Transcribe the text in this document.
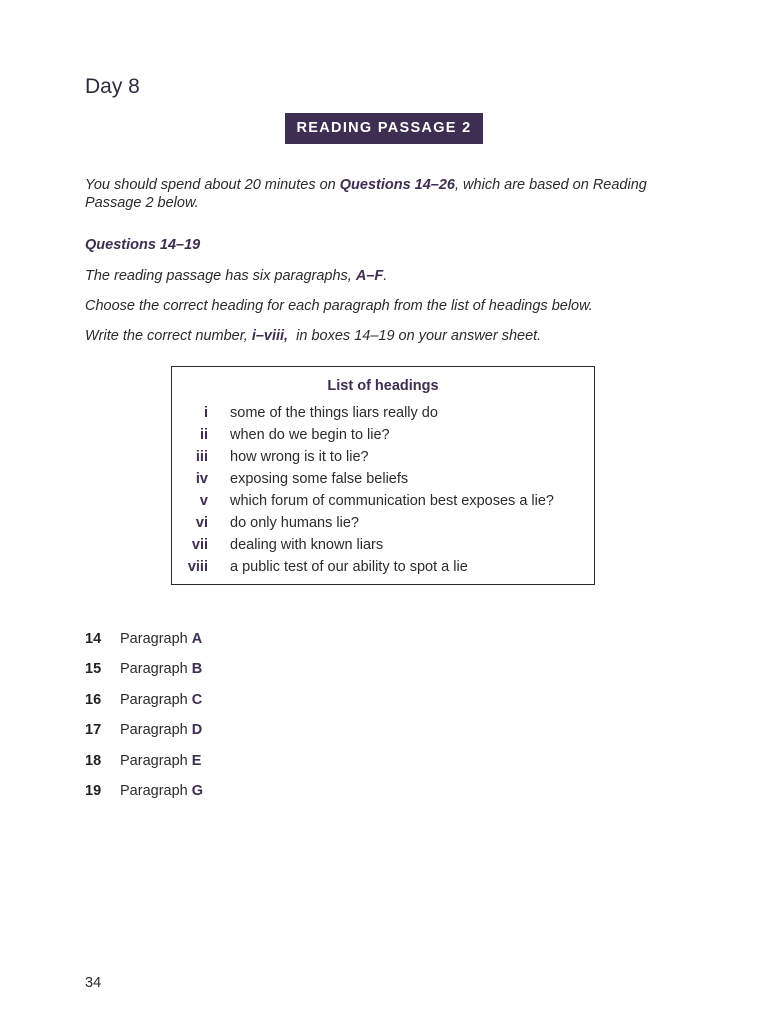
Day 8
READING PASSAGE 2
You should spend about 20 minutes on Questions 14–26, which are based on Reading Passage 2 below.
Questions 14–19
The reading passage has six paragraphs, A–F.
Choose the correct heading for each paragraph from the list of headings below.
Write the correct number, i–viii,  in boxes 14–19 on your answer sheet.
List of headings
i some of the things liars really do
ii when do we begin to lie?
iii how wrong is it to lie?
iv exposing some false beliefs
v which forum of communication best exposes a lie?
vi do only humans lie?
vii dealing with known liars
viii a public test of our ability to spot a lie
14 Paragraph A
15 Paragraph B
16 Paragraph C
17 Paragraph D
18 Paragraph E
19 Paragraph G
34
